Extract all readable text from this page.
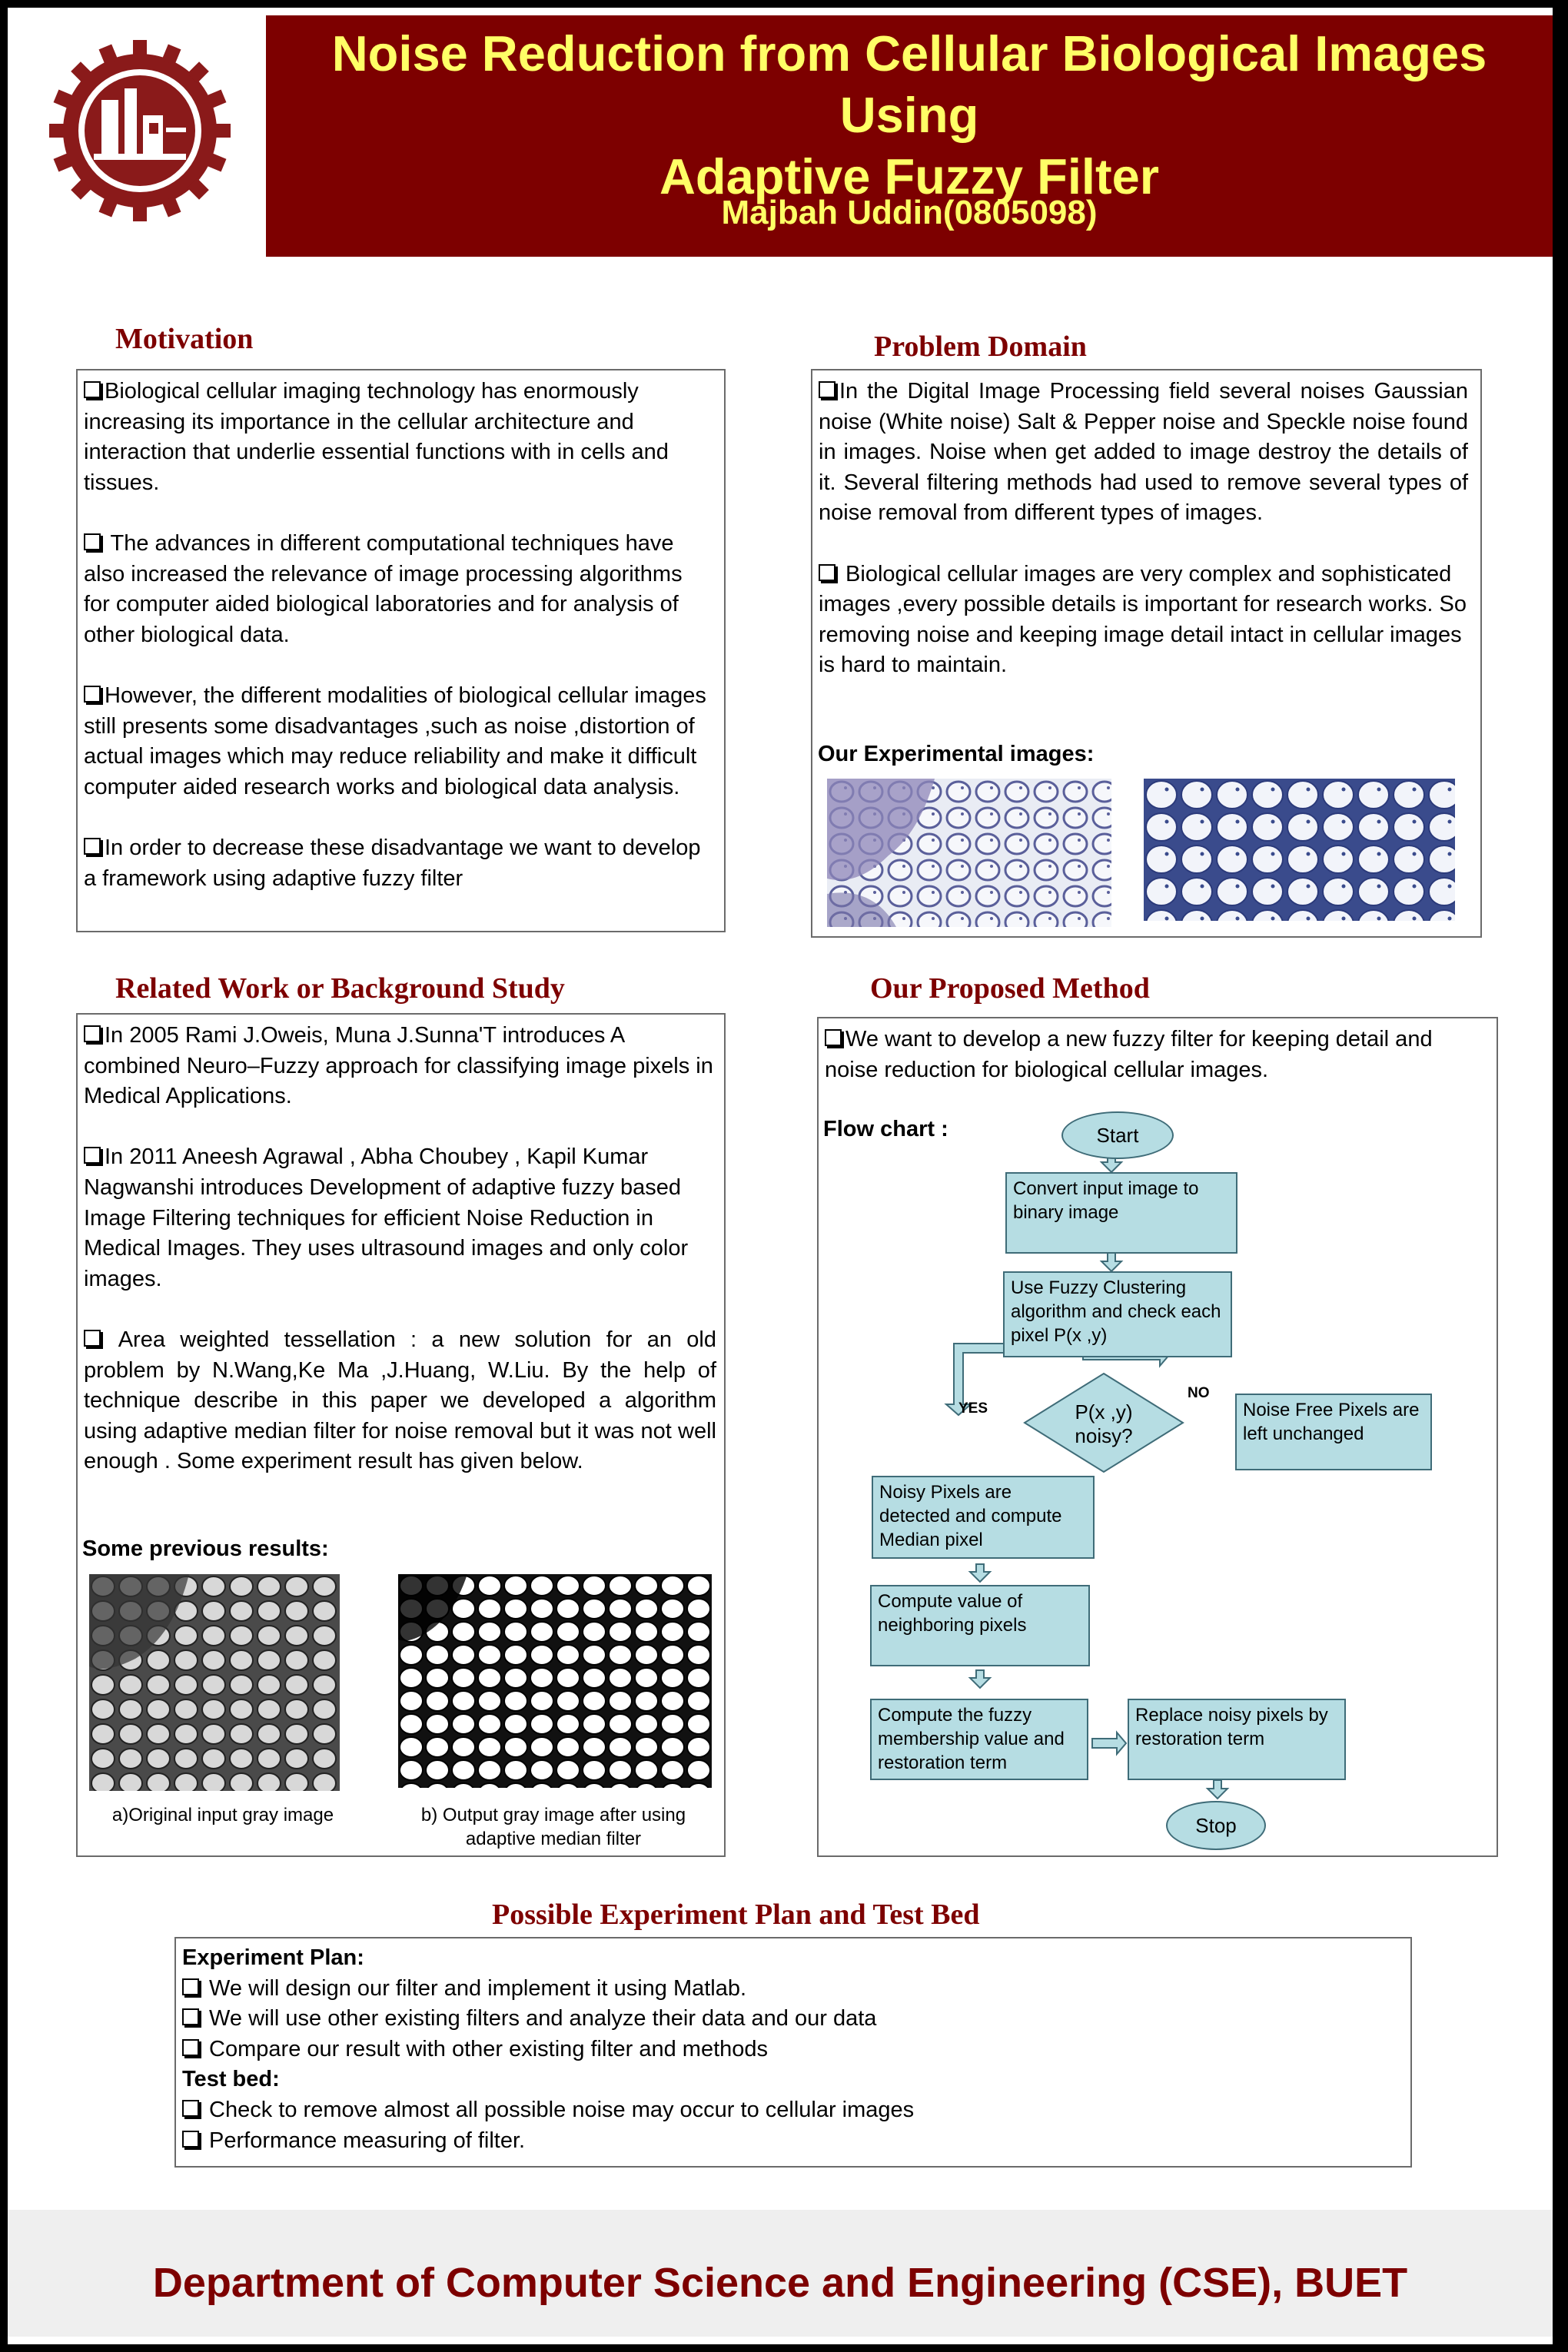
Noise Reduction from Cellular Biological Images
Using
Adaptive Fuzzy Filter
Majbah Uddin(0805098)
Motivation

Biological cellular imaging technology has enormously increasing its importance in the cellular architecture and interaction that underlie essential functions with in cells and tissues.

The advances in different computational techniques have also increased the relevance of image processing algorithms for computer aided biological laboratories and for analysis of other biological data.

However, the different modalities of biological cellular images still presents some disadvantages ,such as noise ,distortion of actual images which may reduce reliability and make it difficult computer aided research works and biological data analysis.

In order to decrease these disadvantage we want to develop a framework using adaptive fuzzy filter

Problem Domain

In the Digital Image Processing field several noises Gaussian noise (White noise) Salt & Pepper noise and Speckle noise found in images. Noise when get added to image destroy the details of it. Several filtering methods had used to remove several types of noise removal from different types of images.

Biological cellular images are very complex and sophisticated images ,every possible details is important for research works. So removing noise and keeping image detail intact in cellular images is hard to maintain.

Our Experimental images:
Related Work or Background Study

In 2005 Rami J.Oweis, Muna J.Sunna'T introduces A combined Neuro–Fuzzy approach for classifying image pixels in Medical Applications.

In 2011 Aneesh Agrawal , Abha Choubey , Kapil Kumar Nagwanshi introduces Development of adaptive fuzzy based Image Filtering techniques for efficient Noise Reduction in Medical Images. They uses ultrasound images and only color images.

Area weighted tessellation : a new solution for an old problem by N.Wang,Ke Ma ,J.Huang, W.Liu. By the help of technique describe in this paper we developed a algorithm using adaptive median filter for noise removal but it was not well enough . Some experiment result has given below.

Some previous results:
a)Original input gray image	b) Output gray image after using
adaptive median filter
Our Proposed Method

We want to develop a new fuzzy filter for keeping detail and noise reduction for biological cellular images.

Flow chart :	Start
Convert input image to binary image
Use Fuzzy Clustering algorithm and check each pixel P(x ,y)
P(x ,y)
noisy?
YES
NO
Noise Free Pixels are left unchanged
Noisy Pixels are detected and compute Median pixel
Compute value of neighboring pixels
Compute the fuzzy membership value and restoration term
Replace noisy pixels by restoration term
Stop
Possible Experiment Plan and Test Bed
Experiment Plan:
We will design our filter and implement it using Matlab.
We will use other existing filters and analyze their data and our data
Compare our result with other existing filter and methods
Test bed:
Check to remove almost all possible noise may occur to cellular images
Performance measuring of filter.
Department of Computer Science and Engineering (CSE), BUET
